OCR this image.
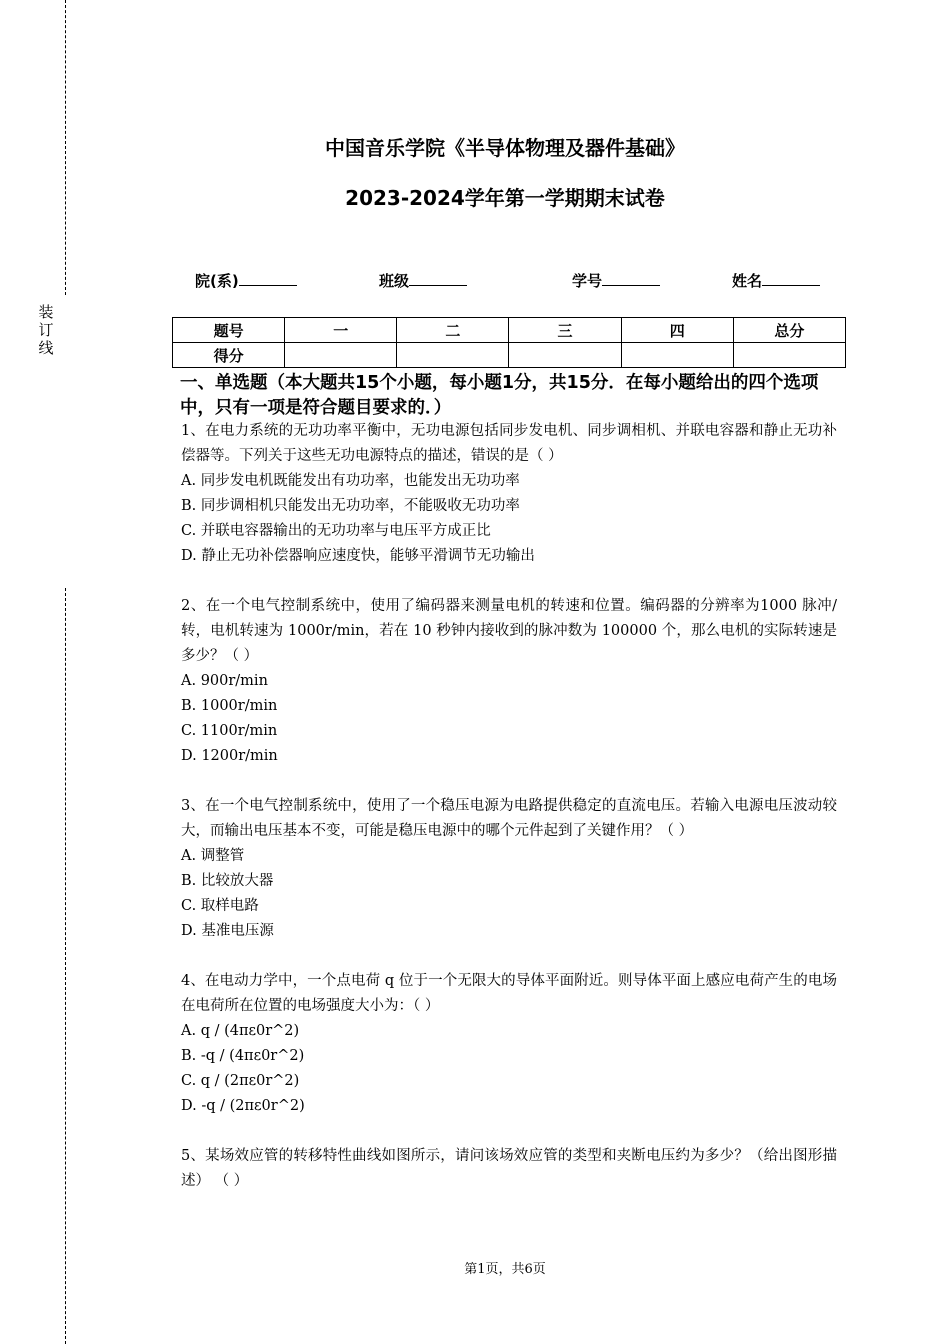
装
订
线
中国音乐学院《半导体物理及器件基础》
2023-2024学年第一学期期末试卷
院(系)	班级	学号	姓名
题号	一	二	三	四	总分
得分					
一、单选题（本大题共15个小题，每小题1分，共15分．在每小题给出的四个选项中，只有一项是符合题目要求的．）
1、在电力系统的无功功率平衡中，无功电源包括同步发电机、同步调相机、并联电容器和静止无功补偿器等。下列关于这些无功电源特点的描述，错误的是（ ）
A. 同步发电机既能发出有功功率，也能发出无功功率
B. 同步调相机只能发出无功功率，不能吸收无功功率
C. 并联电容器输出的无功功率与电压平方成正比
D. 静止无功补偿器响应速度快，能够平滑调节无功输出
2、在一个电气控制系统中，使用了编码器来测量电机的转速和位置。编码器的分辨率为1000 脉冲/转，电机转速为 1000r/min，若在 10 秒钟内接收到的脉冲数为 100000 个，那么电机的实际转速是多少？（ ）
A. 900r/min
B. 1000r/min
C. 1100r/min
D. 1200r/min
3、在一个电气控制系统中，使用了一个稳压电源为电路提供稳定的直流电压。若输入电源电压波动较大，而输出电压基本不变，可能是稳压电源中的哪个元件起到了关键作用？（ ）
A. 调整管
B. 比较放大器
C. 取样电路
D. 基准电压源
4、在电动力学中，一个点电荷 q 位于一个无限大的导体平面附近。则导体平面上感应电荷产生的电场在电荷所在位置的电场强度大小为：（ ）
A. q / (4πε0r^2)
B. -q / (4πε0r^2)
C. q / (2πε0r^2)
D. -q / (2πε0r^2)
5、某场效应管的转移特性曲线如图所示，请问该场效应管的类型和夹断电压约为多少？（给出图形描述） （ ）
第1页，共6页
